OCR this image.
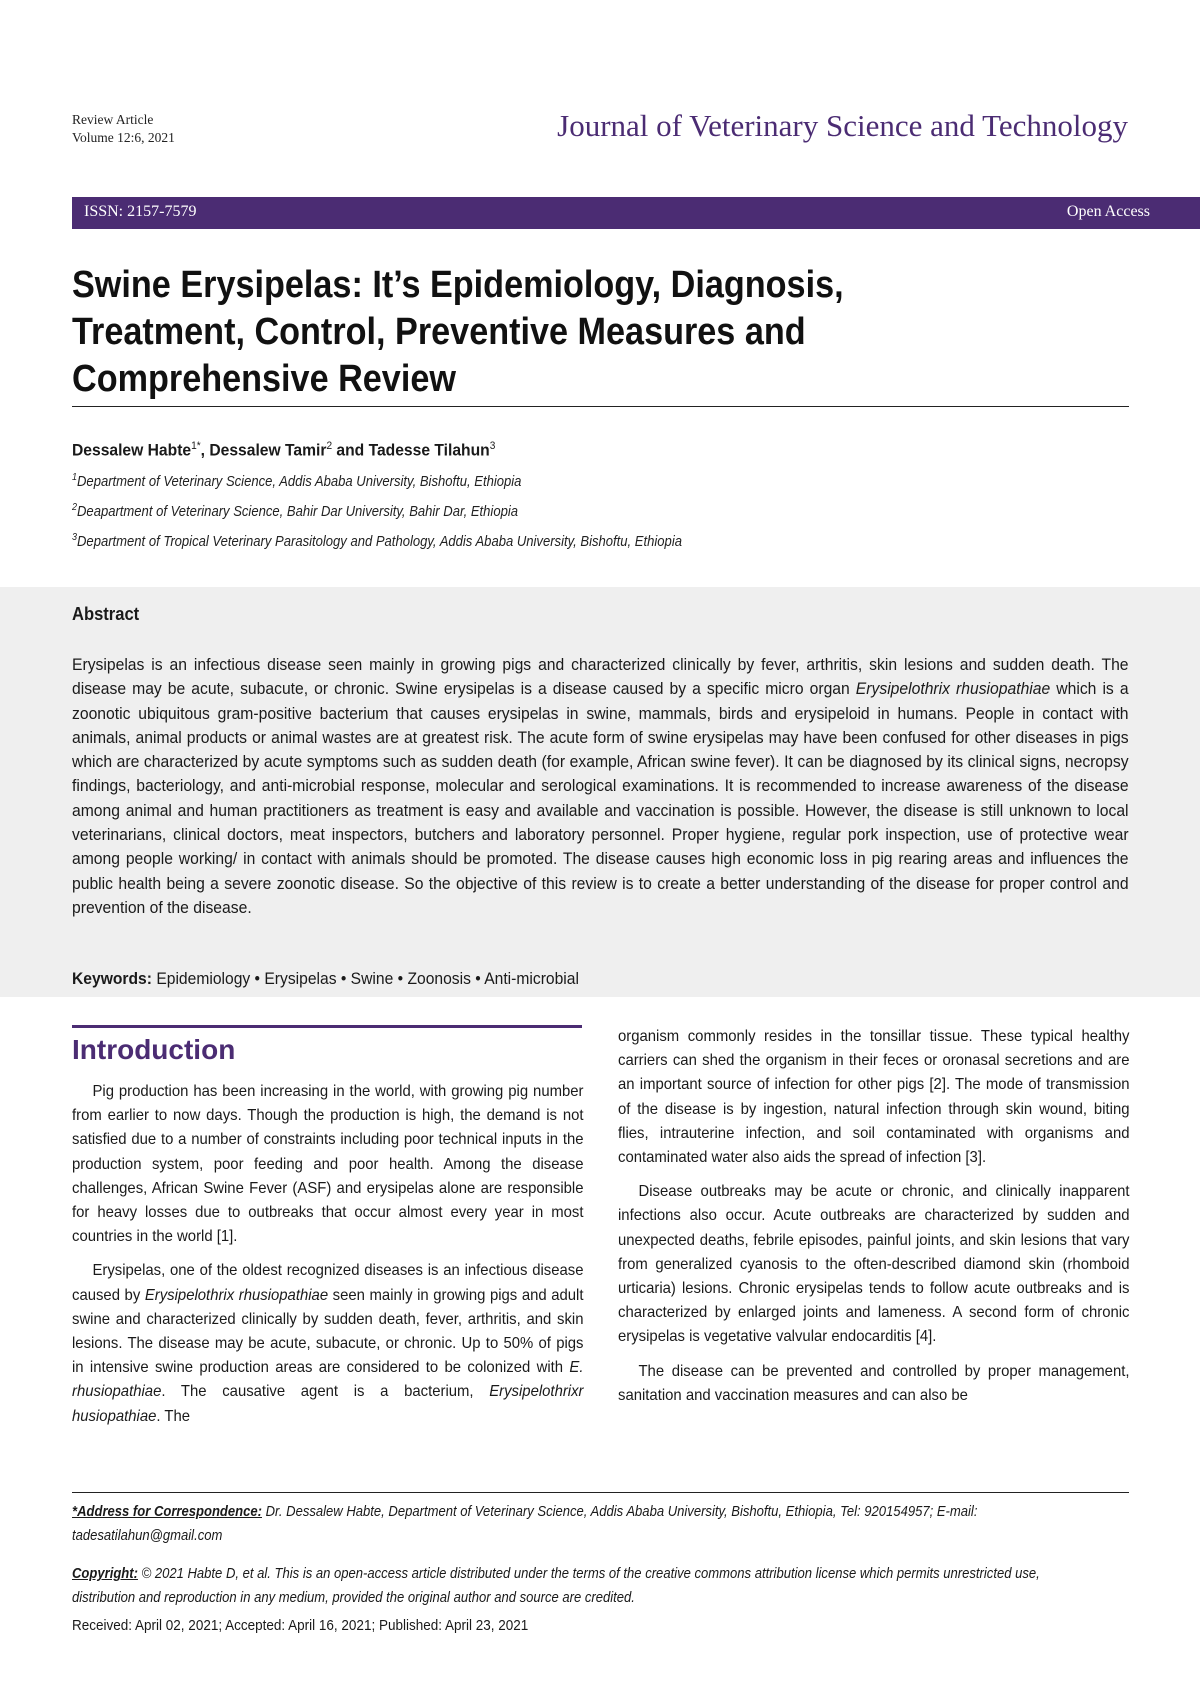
Review Article
Volume 12:6, 2021	Journal of Veterinary Science and Technology
ISSN: 2157-7579	Open Access
Swine Erysipelas: It’s Epidemiology, Diagnosis,
Treatment, Control, Preventive Measures and
Comprehensive Review
Dessalew Habte$^{1*}$, Dessalew Tamir$^2$ and Tadesse Tilahun$^3$
$^1$Department of Veterinary Science, Addis Ababa University, Bishoftu, Ethiopia
$^2$Deapartment of Veterinary Science, Bahir Dar University, Bahir Dar, Ethiopia
$^3$Department of Tropical Veterinary Parasitology and Pathology, Addis Ababa University, Bishoftu, Ethiopia
Abstract
Erysipelas is an infectious disease seen mainly in growing pigs and characterized clinically by fever, arthritis, skin lesions and sudden death. The disease may be acute, subacute, or chronic. Swine erysipelas is a disease caused by a specific micro organ Erysipelothrix rhusiopathiae which is a zoonotic ubiquitous gram-positive bacterium that causes erysipelas in swine, mammals, birds and erysipeloid in humans. People in contact with animals, animal products or animal wastes are at greatest risk. The acute form of swine erysipelas may have been confused for other diseases in pigs which are characterized by acute symptoms such as sudden death (for example, African swine fever). It can be diagnosed by its clinical signs, necropsy findings, bacteriology, and anti-microbial response, molecular and serological examinations. It is recommended to increase awareness of the disease among animal and human practitioners as treatment is easy and available and vaccination is possible. However, the disease is still unknown to local veterinarians, clinical doctors, meat inspectors, butchers and laboratory personnel. Proper hygiene, regular pork inspection, use of protective wear among people working/ in contact with animals should be promoted. The disease causes high economic loss in pig rearing areas and influences the public health being a severe zoonotic disease. So the objective of this review is to create a better understanding of the disease for proper control and prevention of the disease.
Keywords: Epidemiology • Erysipelas • Swine • Zoonosis • Anti-microbial
Introduction

Pig production has been increasing in the world, with growing pig number from earlier to now days. Though the production is high, the demand is not satisfied due to a number of constraints including poor technical inputs in the production system, poor feeding and poor health. Among the disease challenges, African Swine Fever (ASF) and erysipelas alone are responsible for heavy losses due to outbreaks that occur almost every year in most countries in the world [1].

Erysipelas, one of the oldest recognized diseases is an infectious disease caused by Erysipelothrix rhusiopathiae seen mainly in growing pigs and adult swine and characterized clinically by sudden death, fever, arthritis, and skin lesions. The disease may be acute, subacute, or chronic. Up to 50% of pigs in intensive swine production areas are considered to be colonized with E. rhusiopathiae. The causative agent is a bacterium, Erysipelothrixr husiopathiae. The

organism commonly resides in the tonsillar tissue. These typical healthy carriers can shed the organism in their feces or oronasal secretions and are an important source of infection for other pigs [2]. The mode of transmission of the disease is by ingestion, natural infection through skin wound, biting flies, intrauterine infection, and soil contaminated with organisms and contaminated water also aids the spread of infection [3].

Disease outbreaks may be acute or chronic, and clinically inapparent infections also occur. Acute outbreaks are characterized by sudden and unexpected deaths, febrile episodes, painful joints, and skin lesions that vary from generalized cyanosis to the often-described diamond skin (rhomboid urticaria) lesions. Chronic erysipelas tends to follow acute outbreaks and is characterized by enlarged joints and lameness. A second form of chronic erysipelas is vegetative valvular endocarditis [4].

The disease can be prevented and controlled by proper management, sanitation and vaccination measures and can also be

*Address for Correspondence: Dr. Dessalew Habte, Department of Veterinary Science, Addis Ababa University, Bishoftu, Ethiopia, Tel: 920154957; E-mail: tadesatilahun@gmail.com
Copyright: © 2021 Habte D, et al. This is an open-access article distributed under the terms of the creative commons attribution license which permits unrestricted use, distribution and reproduction in any medium, provided the original author and source are credited.
Received: April 02, 2021; Accepted: April 16, 2021; Published: April 23, 2021
